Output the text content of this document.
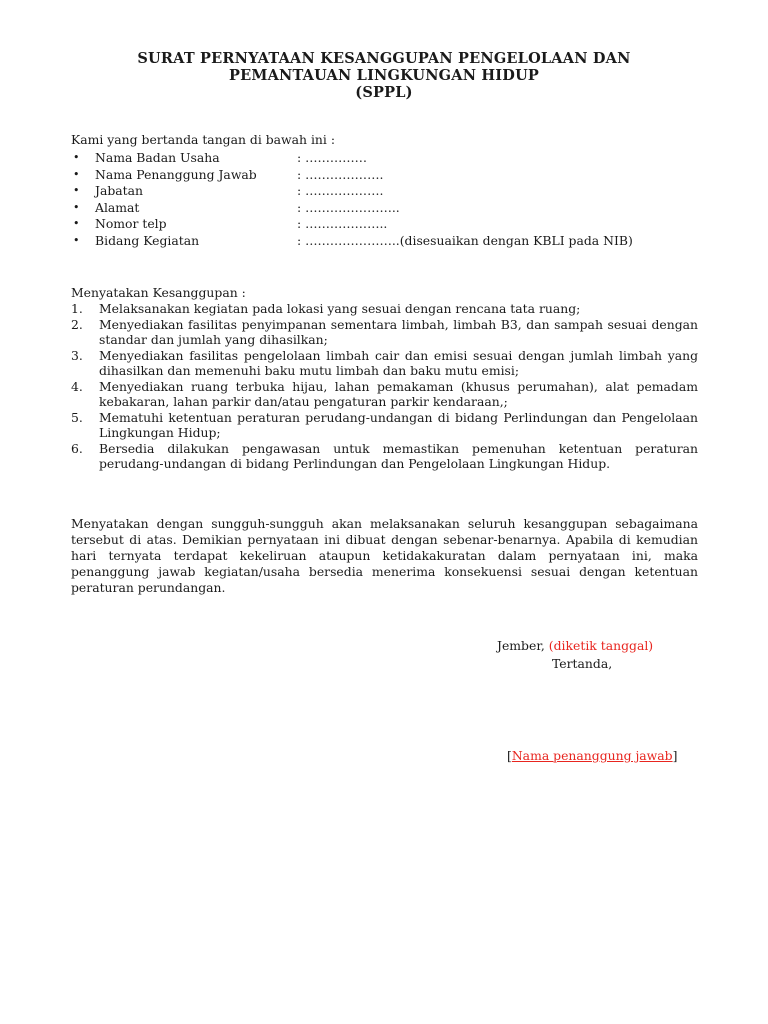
SURAT PERNYATAAN KESANGGUPAN PENGELOLAAN DAN
PEMANTAUAN LINGKUNGAN HIDUP
(SPPL)
Kami yang bertanda tangan di bawah ini :
• Nama Badan Usaha	: ……………
• Nama Penanggung Jawab	: ……………….
• Jabatan	: ……………….
• Alamat	: …………………..
• Nomor telp	: ………………..
• Bidang Kegiatan	: …………………..(disesuaikan dengan KBLI pada NIB)
Menyatakan Kesanggupan :
1. Melaksanakan kegiatan pada lokasi yang sesuai dengan rencana tata ruang;
2. Menyediakan fasilitas penyimpanan sementara limbah, limbah B3, dan sampah sesuai dengan standar dan jumlah yang dihasilkan;
3. Menyediakan fasilitas pengelolaan limbah cair dan emisi sesuai dengan jumlah limbah yang dihasilkan dan memenuhi baku mutu limbah dan baku mutu emisi;
4. Menyediakan ruang terbuka hijau, lahan pemakaman (khusus perumahan), alat pemadam kebakaran, lahan parkir dan/atau pengaturan parkir kendaraan,;
5. Mematuhi ketentuan peraturan perudang-undangan di bidang Perlindungan dan Pengelolaan Lingkungan Hidup;
6. Bersedia dilakukan pengawasan untuk memastikan pemenuhan ketentuan peraturan perudang-undangan di bidang Perlindungan dan Pengelolaan Lingkungan Hidup.
Menyatakan dengan sungguh-sungguh akan melaksanakan seluruh kesanggupan sebagaimana tersebut di atas. Demikian pernyataan ini dibuat dengan sebenar-benarnya. Apabila di kemudian hari ternyata terdapat kekeliruan ataupun ketidakakuratan dalam pernyataan ini, maka penanggung jawab kegiatan/usaha bersedia menerima konsekuensi sesuai dengan ketentuan peraturan perundangan.
Jember, (diketik tanggal)
Tertanda,
[Nama penanggung jawab]
